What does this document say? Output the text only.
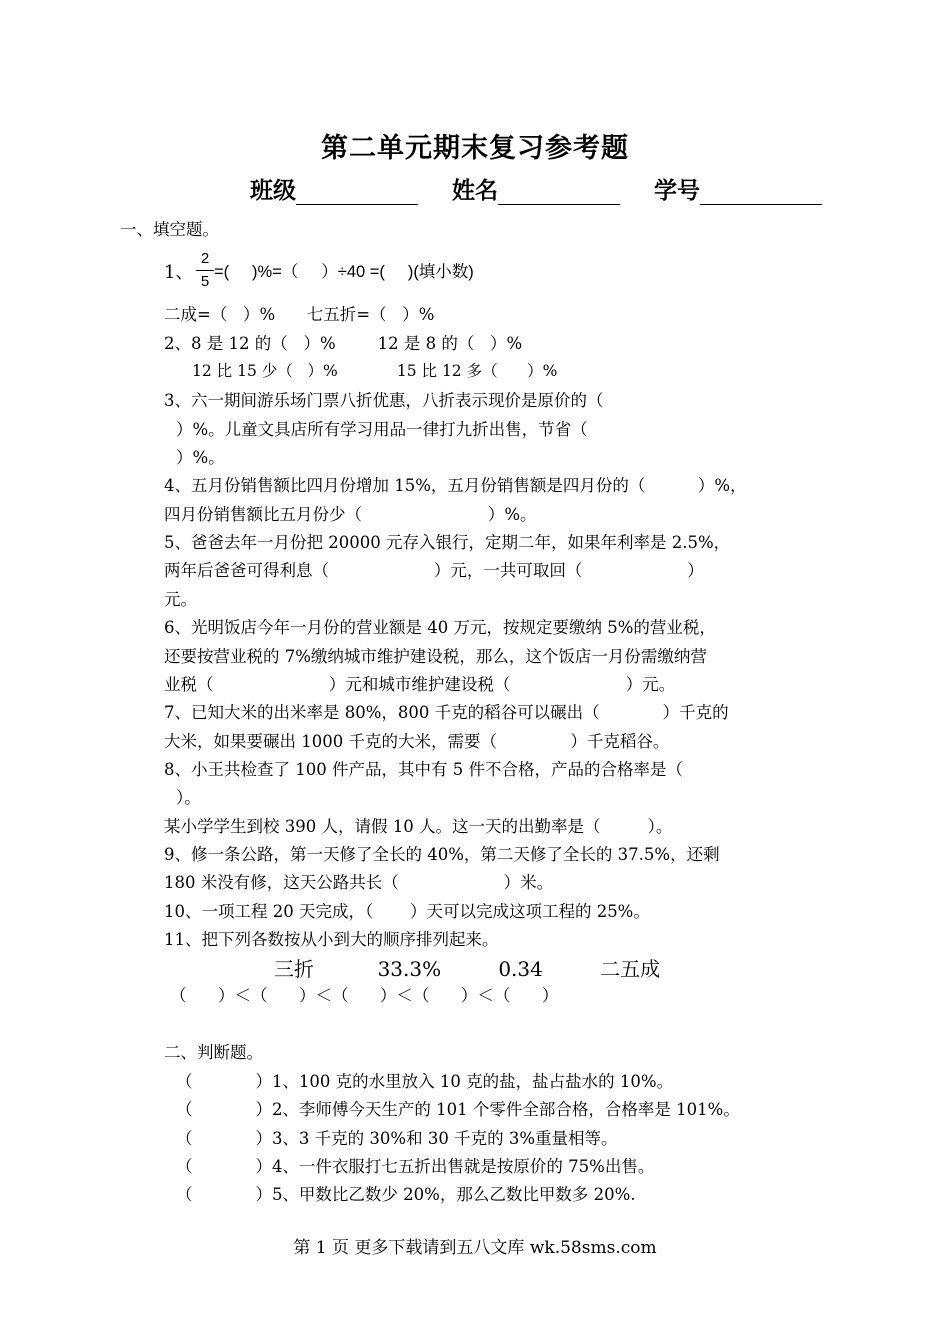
第二单元期末复习参考题
班级	姓名	学号
一、填空题。
1、
2
5
=(     )%=（     ）÷40 =(     )(填小数)
二成=（   ）%      七五折=（   ）%
2、8 是 12 的（   ）%        12 是 8 的（   ）%
12 比 15 少（   ）%            15 比 12 多（      ）%
3、六一期间游乐场门票八折优惠，八折表示现价是原价的（
）%。儿童文具店所有学习用品一律打九折出售，节省（
）%。
4、五月份销售额比四月份增加 15%，五月份销售额是四月份的（          ）%，
四月份销售额比五月份少（                        ）%。
5、爸爸去年一月份把 20000 元存入银行，定期二年，如果年利率是 2.5%，
两年后爸爸可得利息（                    ）元，一共可取回（                    ）
元。
6、光明饭店今年一月份的营业额是 40 万元，按规定要缴纳 5%的营业税，
还要按营业税的 7%缴纳城市维护建设税，那么，这个饭店一月份需缴纳营
业税（                      ）元和城市维护建设税（                      ）元。
7、已知大米的出米率是 80%，800 千克的稻谷可以碾出（            ）千克的
大米，如果要碾出 1000 千克的大米，需要（              ）千克稻谷。
8、小王共检查了 100 件产品，其中有 5 件不合格，产品的合格率是（
）。
某小学学生到校 390 人，请假 10 人。这一天的出勤率是（         ）。
9、修一条公路，第一天修了全长的 40%，第二天修了全长的 37.5%，还剩
180 米没有修，这天公路共长（                    ）米。
10、一项工程 20 天完成，（       ）天可以完成这项工程的 25%。
11、把下列各数按从小到大的顺序排列起来。
三折          33.3%         0.34         二五成
（      ）＜（      ）＜（      ）＜（      ）＜（      ）
二、判断题。
（            ）1、100 克的水里放入 10 克的盐，盐占盐水的 10%。
（            ）2、李师傅今天生产的 101 个零件全部合格，合格率是 101%。
（            ）3、3 千克的 30%和 30 千克的 3%重量相等。
（            ）4、一件衣服打七五折出售就是按原价的 75%出售。
（            ）5、甲数比乙数少 20%，那么乙数比甲数多 20%.
第 1 页 更多下载请到五八文库 wk.58sms.com
